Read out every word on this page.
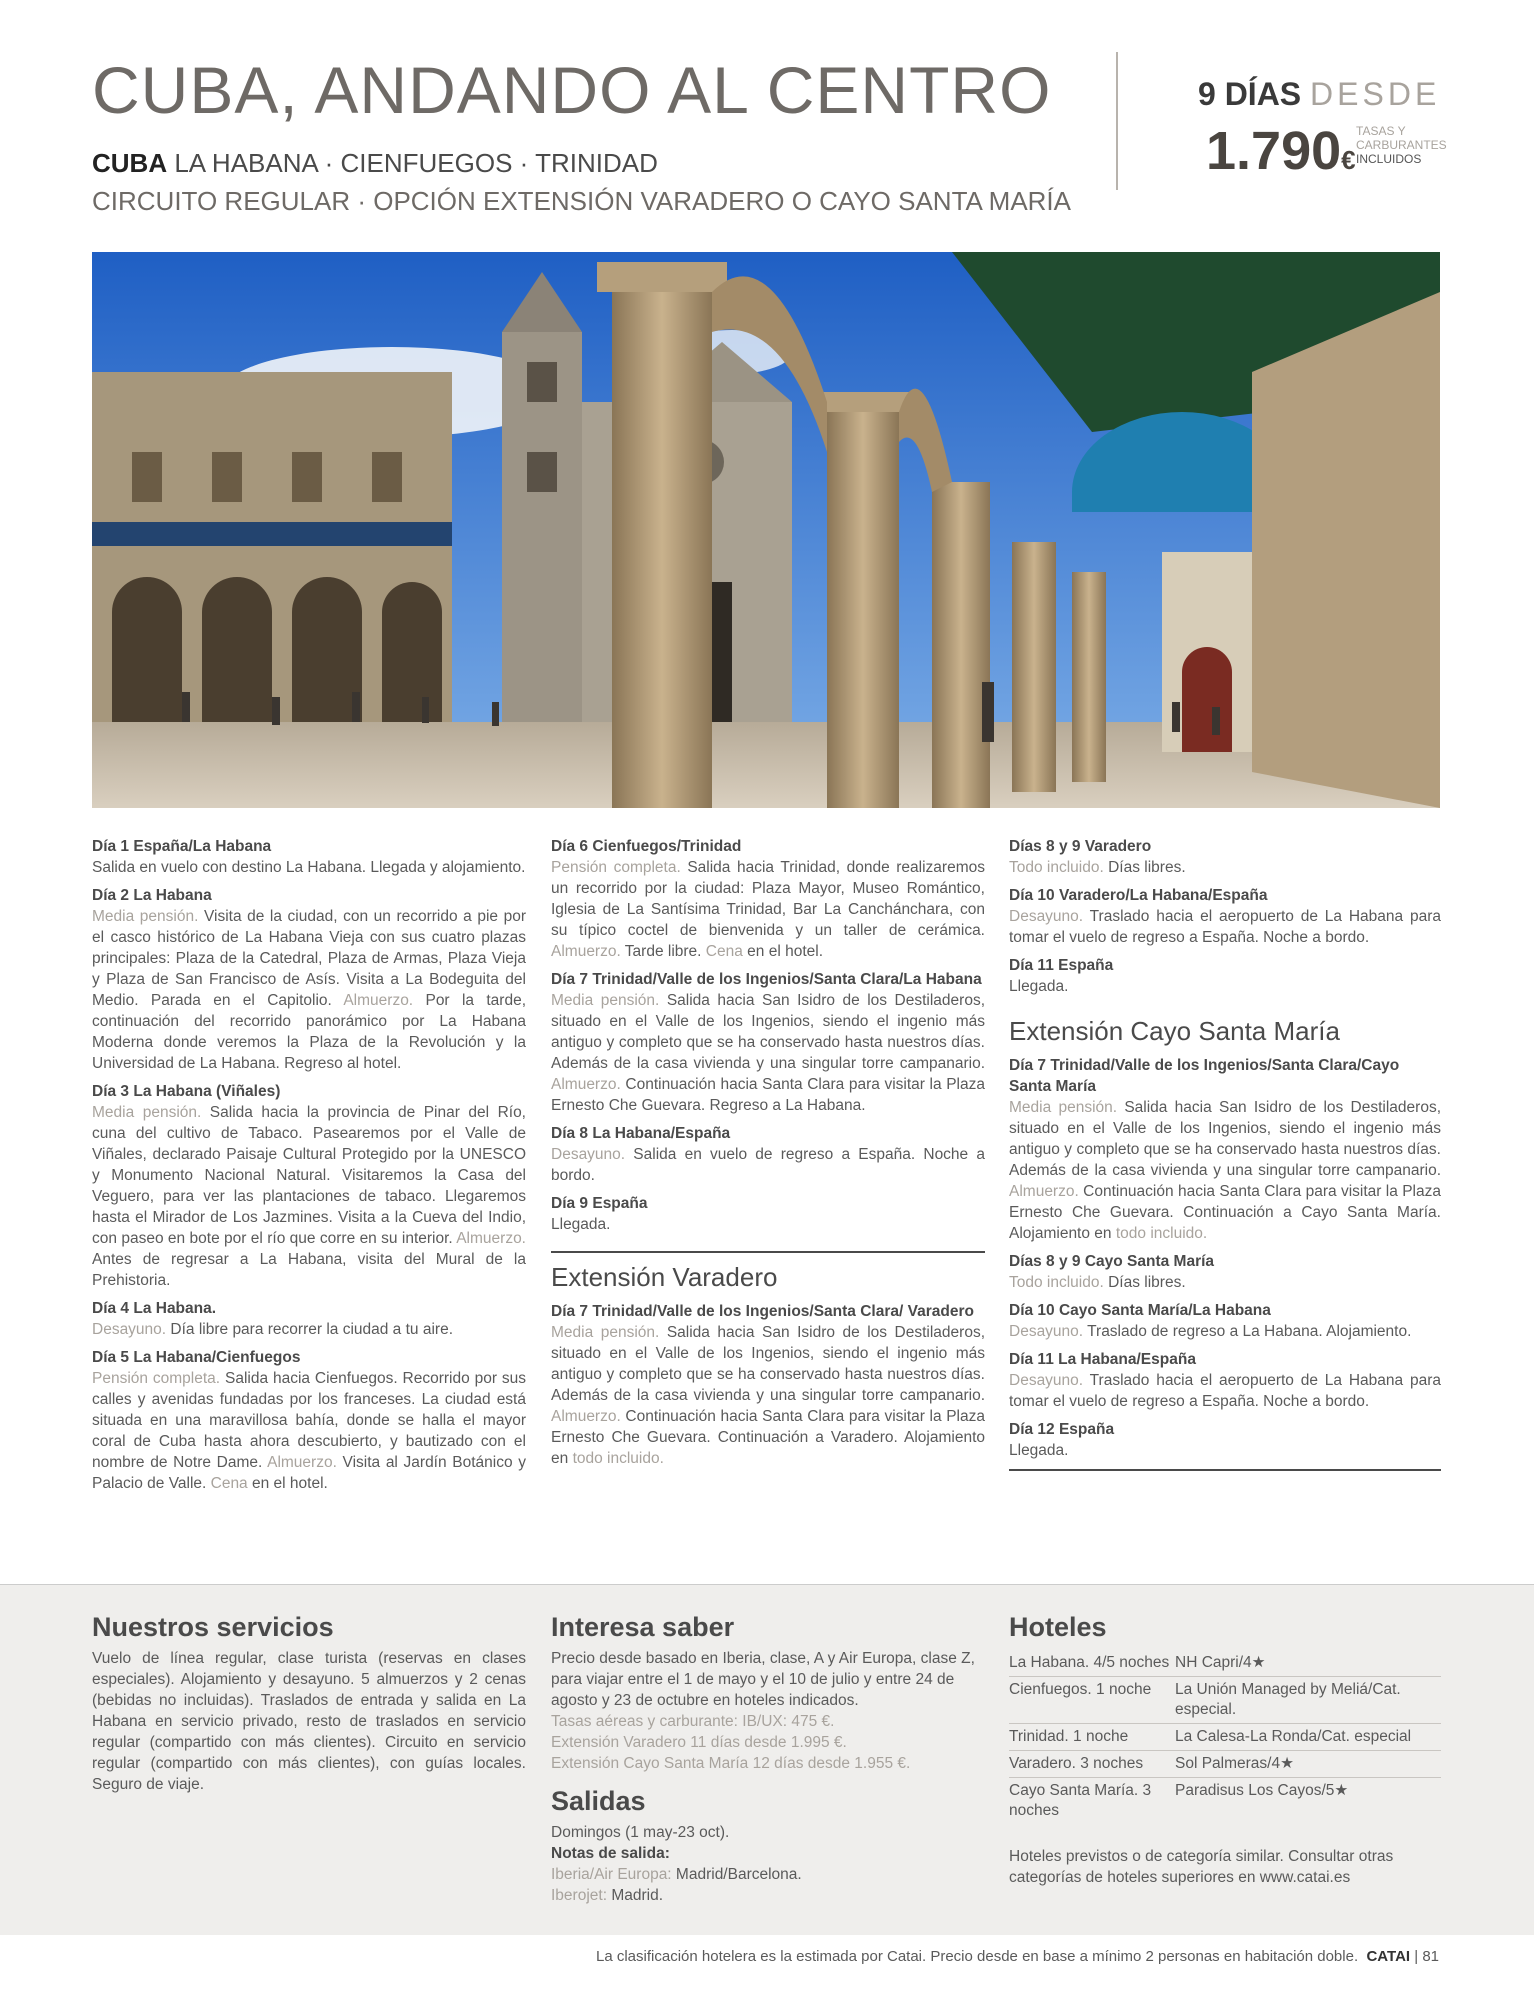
CUBA, ANDANDO AL CENTRO
CUBA LA HABANA · CIENFUEGOS · TRINIDAD
CIRCUITO REGULAR · OPCIÓN EXTENSIÓN VARADERO O CAYO SANTA MARÍA
9 DÍAS DESDE
1.790€
TASAS Y CARBURANTES
INCLUIDOS
Día 1 España/La Habana
Salida en vuelo con destino La Habana. Llegada y alojamiento.
Día 2 La Habana
Media pensión. Visita de la ciudad, con un recorrido a pie por el casco histórico de La Habana Vieja con sus cuatro plazas principales: Plaza de la Catedral, Plaza de Armas, Plaza Vieja y Plaza de San Francisco de Asís. Visita a La Bodeguita del Medio. Parada en el Capitolio. Almuerzo. Por la tarde, continuación del recorrido panorámico por La Habana Moderna donde veremos la Plaza de la Revolución y la Universidad de La Habana. Regreso al hotel.
Día 3 La Habana (Viñales)
Media pensión. Salida hacia la provincia de Pinar del Río, cuna del cultivo de Tabaco. Pasearemos por el Valle de Viñales, declarado Paisaje Cultural Protegido por la UNESCO y Monumento Nacional Natural. Visitaremos la Casa del Veguero, para ver las plantaciones de tabaco. Llegaremos hasta el Mirador de Los Jazmines. Visita a la Cueva del Indio, con paseo en bote por el río que corre en su interior. Almuerzo. Antes de regresar a La Habana, visita del Mural de la Prehistoria.
Día 4 La Habana.
Desayuno. Día libre para recorrer la ciudad a tu aire.
Día 5 La Habana/Cienfuegos
Pensión completa. Salida hacia Cienfuegos. Recorrido por sus calles y avenidas fundadas por los franceses. La ciudad está situada en una maravillosa bahía, donde se halla el mayor coral de Cuba hasta ahora descubierto, y bautizado con el nombre de Notre Dame. Almuerzo. Visita al Jardín Botánico y Palacio de Valle. Cena en el hotel.
Día 6 Cienfuegos/Trinidad
Pensión completa. Salida hacia Trinidad, donde realizaremos un recorrido por la ciudad: Plaza Mayor, Museo Romántico, Iglesia de La Santísima Trinidad, Bar La Canchánchara, con su típico coctel de bienvenida y un taller de cerámica. Almuerzo. Tarde libre. Cena en el hotel.
Día 7 Trinidad/Valle de los Ingenios/Santa Clara/La Habana
Media pensión. Salida hacia San Isidro de los Destiladeros, situado en el Valle de los Ingenios, siendo el ingenio más antiguo y completo que se ha conservado hasta nuestros días. Además de la casa vivienda y una singular torre campanario. Almuerzo. Continuación hacia Santa Clara para visitar la Plaza Ernesto Che Guevara. Regreso a La Habana.
Día 8 La Habana/España
Desayuno. Salida en vuelo de regreso a España. Noche a bordo.
Día 9 España
Llegada.
Extensión Varadero
Día 7 Trinidad/Valle de los Ingenios/Santa Clara/ Varadero
Media pensión. Salida hacia San Isidro de los Destiladeros, situado en el Valle de los Ingenios, siendo el ingenio más antiguo y completo que se ha conservado hasta nuestros días. Además de la casa vivienda y una singular torre campanario. Almuerzo. Continuación hacia Santa Clara para visitar la Plaza Ernesto Che Guevara. Continuación a Varadero. Alojamiento en todo incluido.
Días 8 y 9 Varadero
Todo incluido. Días libres.
Día 10 Varadero/La Habana/España
Desayuno. Traslado hacia el aeropuerto de La Habana para tomar el vuelo de regreso a España. Noche a bordo.
Día 11 España
Llegada.
Extensión Cayo Santa María
Día 7 Trinidad/Valle de los Ingenios/Santa Clara/Cayo Santa María
Media pensión. Salida hacia San Isidro de los Destiladeros, situado en el Valle de los Ingenios, siendo el ingenio más antiguo y completo que se ha conservado hasta nuestros días. Además de la casa vivienda y una singular torre campanario. Almuerzo. Continuación hacia Santa Clara para visitar la Plaza Ernesto Che Guevara. Continuación a Cayo Santa María. Alojamiento en todo incluido.
Días 8 y 9 Cayo Santa María
Todo incluido. Días libres.
Día 10 Cayo Santa María/La Habana
Desayuno. Traslado de regreso a La Habana. Alojamiento.
Día 11 La Habana/España
Desayuno. Traslado hacia el aeropuerto de La Habana para tomar el vuelo de regreso a España. Noche a bordo.
Día 12 España
Llegada.
Nuestros servicios
Vuelo de línea regular, clase turista (reservas en clases especiales). Alojamiento y desayuno. 5 almuerzos y 2 cenas (bebidas no incluidas). Traslados de entrada y salida en La Habana en servicio privado, resto de traslados en servicio regular (compartido con más clientes). Circuito en servicio regular (compartido con más clientes), con guías locales. Seguro de viaje.
Interesa saber
Precio desde basado en Iberia, clase, A y Air Europa, clase Z, para viajar entre el 1 de mayo y el 10 de julio y entre 24 de agosto y 23 de octubre en hoteles indicados.
Tasas aéreas y carburante: IB/UX: 475 €.
Extensión Varadero 11 días desde 1.995 €.
Extensión Cayo Santa María 12 días desde 1.955 €.
Salidas
Domingos (1 may-23 oct).
Notas de salida:
Iberia/Air Europa: Madrid/Barcelona.
Iberojet: Madrid.
Hoteles
La Habana. 4/5 noches	NH Capri/4★
Cienfuegos. 1 noche	La Unión Managed by Meliá/Cat. especial.
Trinidad. 1 noche	La Calesa-La Ronda/Cat. especial
Varadero. 3 noches	Sol Palmeras/4★
Cayo Santa María. 3 noches	Paradisus Los Cayos/5★
Hoteles previstos o de categoría similar. Consultar otras categorías de hoteles superiores en www.catai.es
La clasificación hotelera es la estimada por Catai. Precio desde en base a mínimo 2 personas en habitación doble. CATAI | 81
